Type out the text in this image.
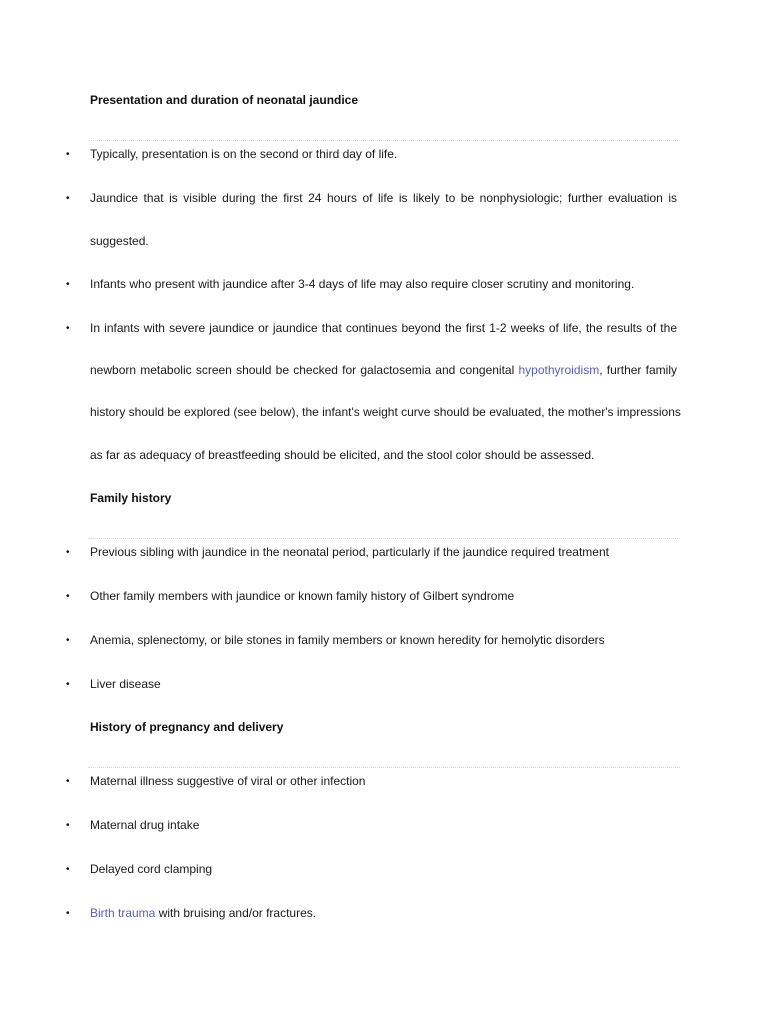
Presentation and duration of neonatal jaundice
• Typically, presentation is on the second or third day of life.
• Jaundice that is visible during the first 24 hours of life is likely to be nonphysiologic; further evaluation is
suggested.
• Infants who present with jaundice after 3-4 days of life may also require closer scrutiny and monitoring.
• In infants with severe jaundice or jaundice that continues beyond the first 1-2 weeks of life, the results of the
newborn metabolic screen should be checked for galactosemia and congenital hypothyroidism, further family
history should be explored (see below), the infant's weight curve should be evaluated, the mother's impressions
as far as adequacy of breastfeeding should be elicited, and the stool color should be assessed.
Family history
• Previous sibling with jaundice in the neonatal period, particularly if the jaundice required treatment
• Other family members with jaundice or known family history of Gilbert syndrome
• Anemia, splenectomy, or bile stones in family members or known heredity for hemolytic disorders
• Liver disease
History of pregnancy and delivery
• Maternal illness suggestive of viral or other infection
• Maternal drug intake
• Delayed cord clamping
• Birth trauma with bruising and/or fractures.
